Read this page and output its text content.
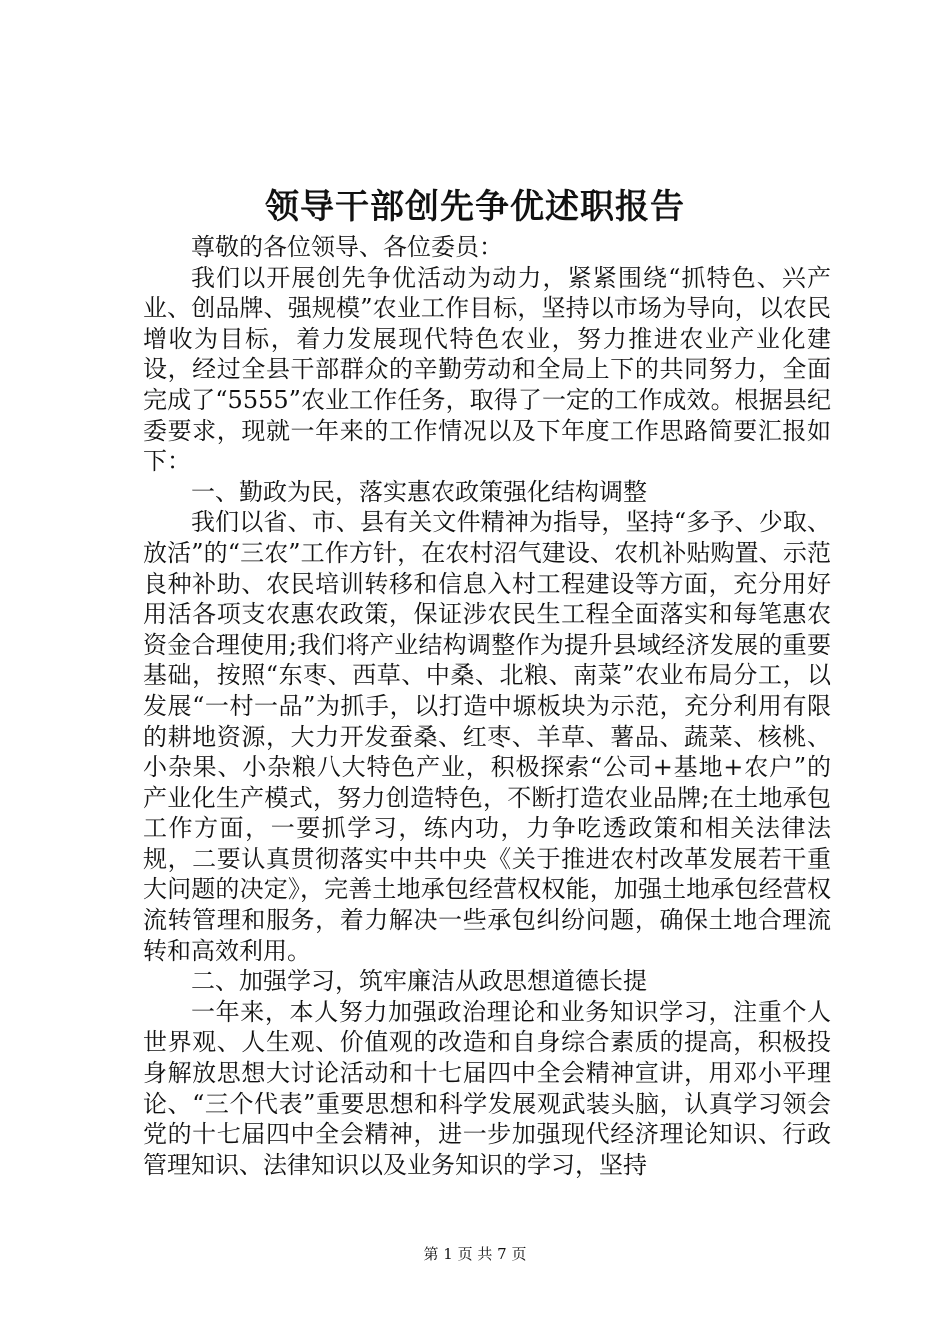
领导干部创先争优述职报告

尊敬的各位领导、各位委员：

我们以开展创先争优活动为动力，紧紧围绕“抓特色、兴产业、创品牌、强规模”农业工作目标，坚持以市场为导向，以农民增收为目标，着力发展现代特色农业，努力推进农业产业化建设，经过全县干部群众的辛勤劳动和全局上下的共同努力，全面完成了“5555”农业工作任务，取得了一定的工作成效。根据县纪委要求，现就一年来的工作情况以及下年度工作思路简要汇报如下：

一、勤政为民，落实惠农政策强化结构调整

我们以省、市、县有关文件精神为指导，坚持“多予、少取、放活”的“三农”工作方针，在农村沼气建设、农机补贴购置、示范良种补助、农民培训转移和信息入村工程建设等方面，充分用好用活各项支农惠农政策，保证涉农民生工程全面落实和每笔惠农资金合理使用;我们将产业结构调整作为提升县域经济发展的重要基础，按照“东枣、西草、中桑、北粮、南菜”农业布局分工，以发展“一村一品”为抓手，以打造中塬板块为示范，充分利用有限的耕地资源，大力开发蚕桑、红枣、羊草、薯品、蔬菜、核桃、小杂果、小杂粮八大特色产业，积极探索“公司+基地+农户”的产业化生产模式，努力创造特色，不断打造农业品牌;在土地承包工作方面，一要抓学习，练内功，力争吃透政策和相关法律法规，二要认真贯彻落实中共中央《关于推进农村改革发展若干重大问题的决定》，完善土地承包经营权权能，加强土地承包经营权流转管理和服务，着力解决一些承包纠纷问题，确保土地合理流转和高效利用。

二、加强学习，筑牢廉洁从政思想道德长提

一年来，本人努力加强政治理论和业务知识学习，注重个人世界观、人生观、价值观的改造和自身综合素质的提高，积极投身解放思想大讨论活动和十七届四中全会精神宣讲，用邓小平理论、“三个代表”重要思想和科学发展观武装头脑，认真学习领会党的十七届四中全会精神，进一步加强现代经济理论知识、行政管理知识、法律知识以及业务知识的学习，坚持

第 1 页 共 7 页
